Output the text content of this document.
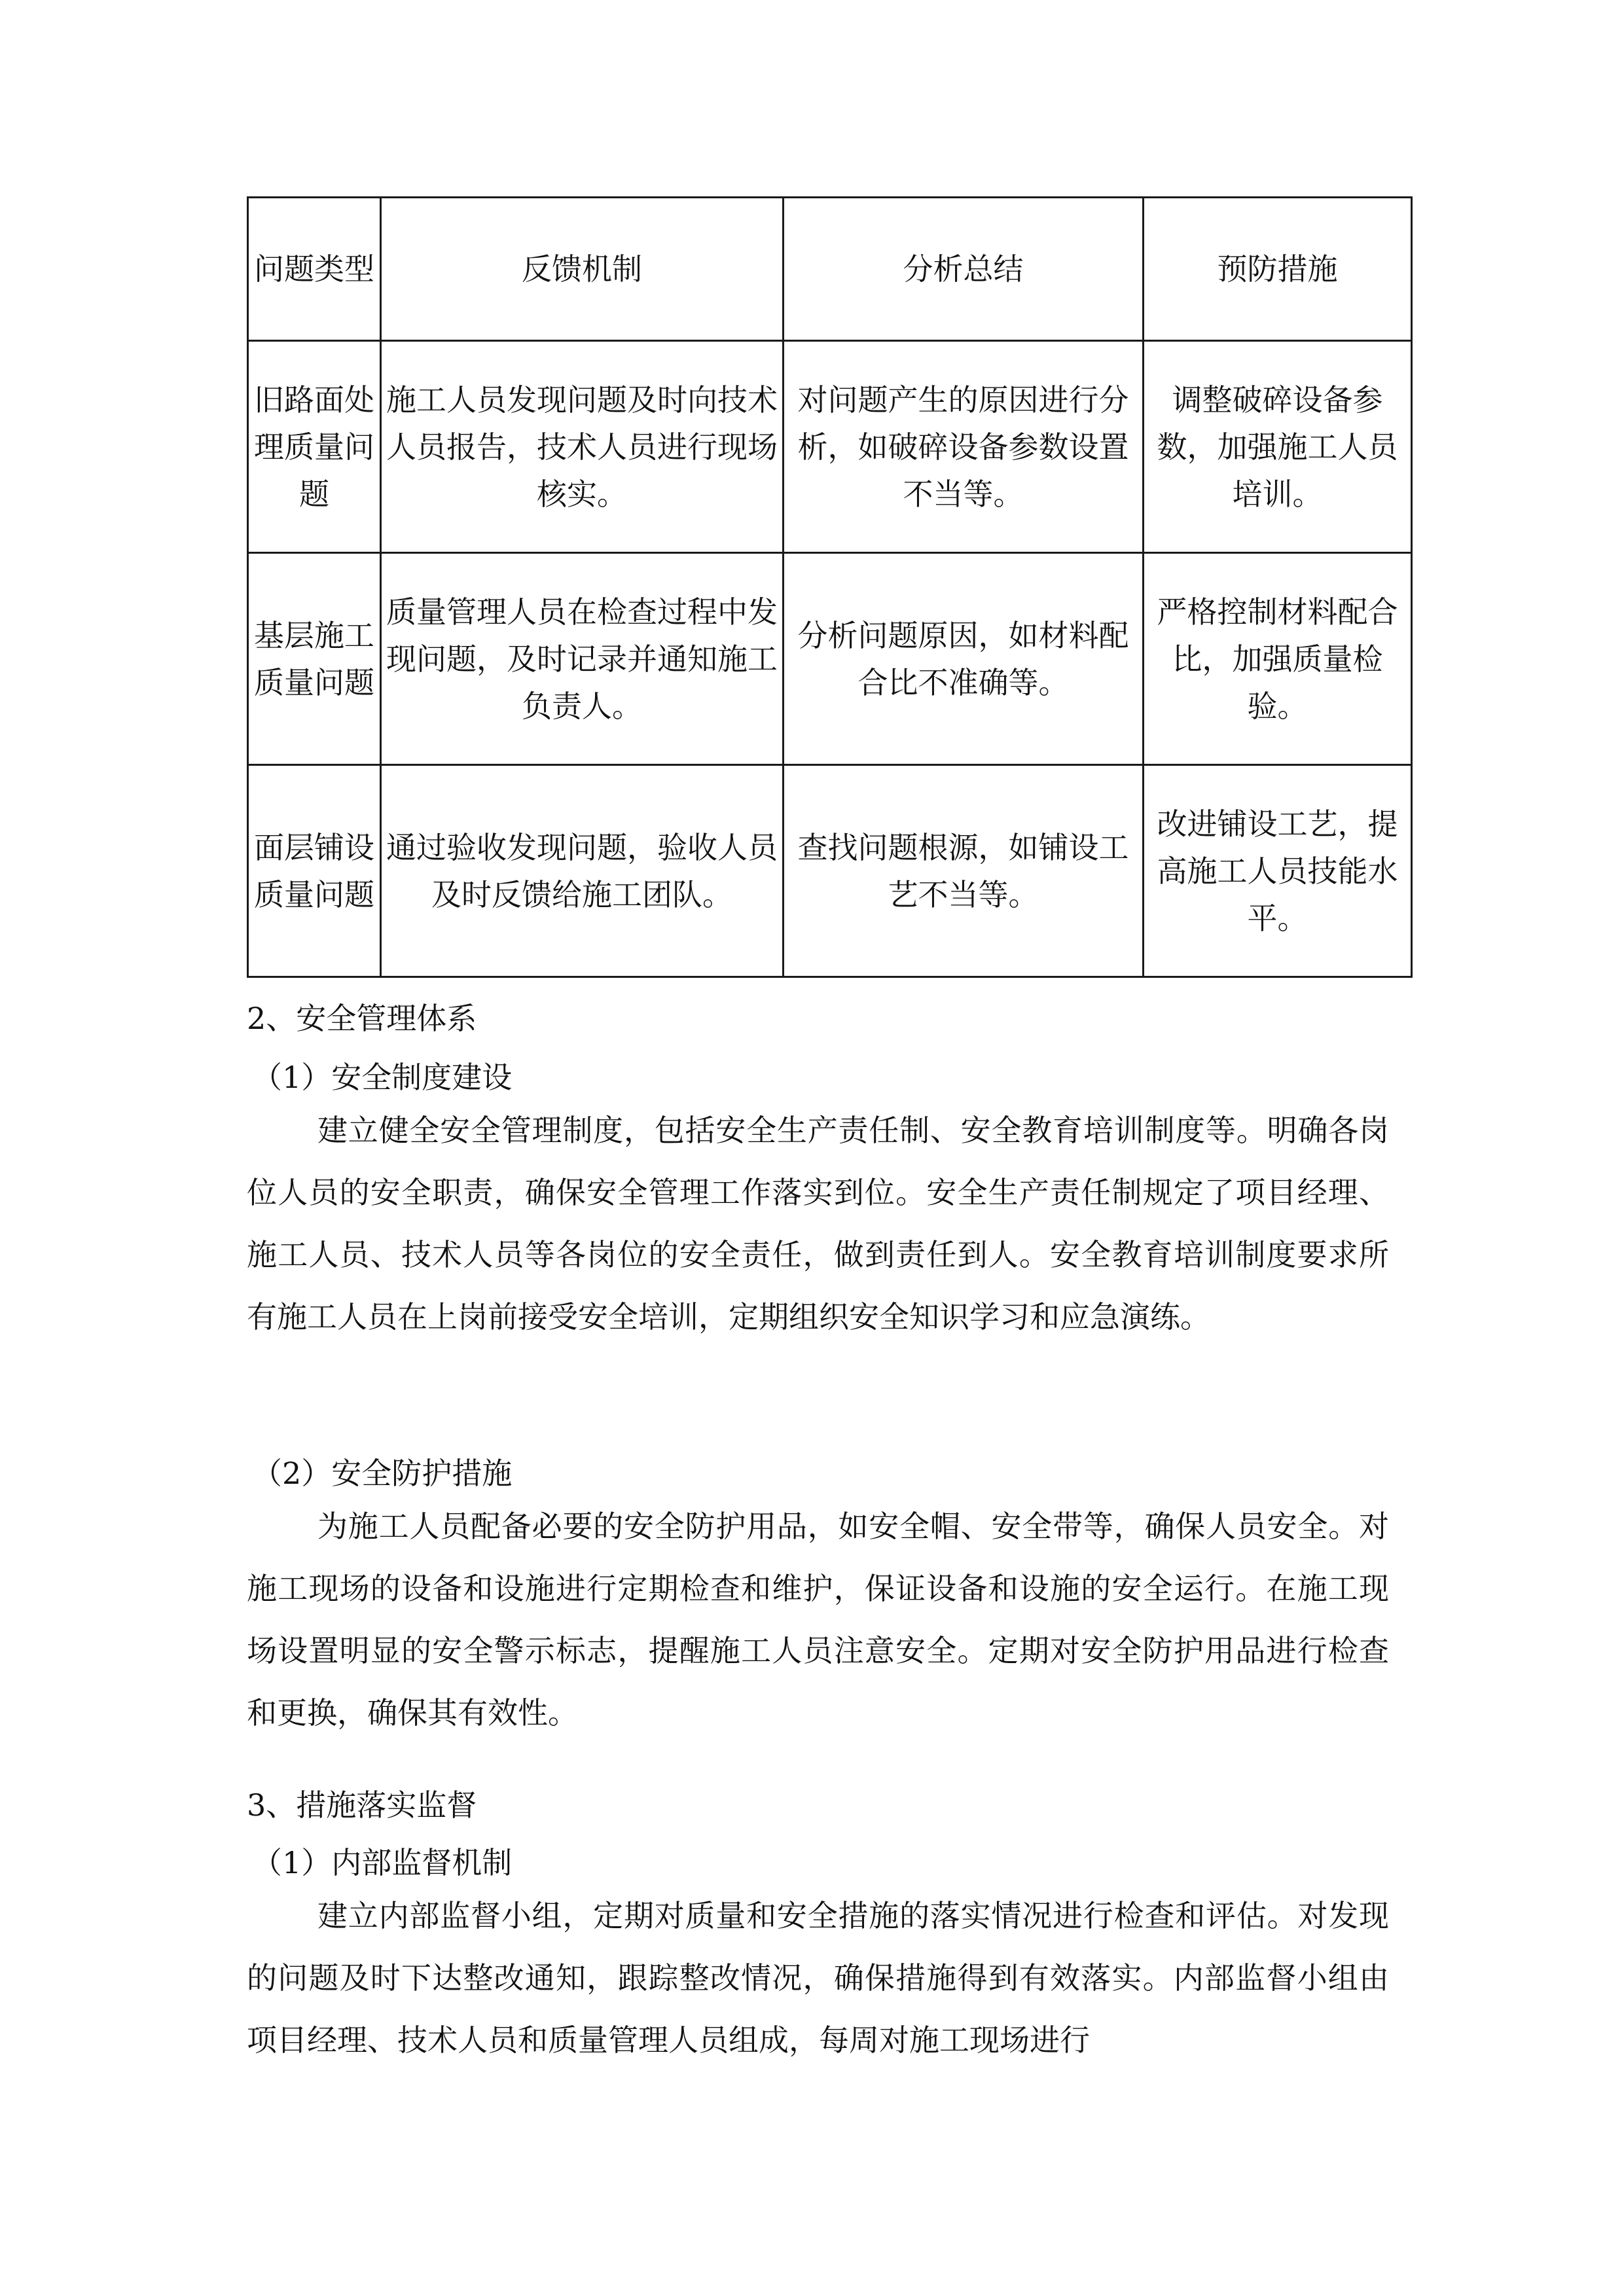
问题类型	反馈机制	分析总结	预防措施
旧路面处理质量问题	施工人员发现问题及时向技术人员报告，技术人员进行现场核实。	对问题产生的原因进行分析，如破碎设备参数设置不当等。	调整破碎设备参数，加强施工人员培训。
基层施工质量问题	质量管理人员在检查过程中发现问题，及时记录并通知施工负责人。	分析问题原因，如材料配合比不准确等。	严格控制材料配合比，加强质量检验。
面层铺设质量问题	通过验收发现问题，验收人员及时反馈给施工团队。	查找问题根源，如铺设工艺不当等。	改进铺设工艺，提高施工人员技能水平。
2、安全管理体系
（1）安全制度建设
建立健全安全管理制度，包括安全生产责任制、安全教育培训制度等。明确各岗位人员的安全职责，确保安全管理工作落实到位。安全生产责任制规定了项目经理、施工人员、技术人员等各岗位的安全责任，做到责任到人。安全教育培训制度要求所有施工人员在上岗前接受安全培训，定期组织安全知识学习和应急演练。
（2）安全防护措施
为施工人员配备必要的安全防护用品，如安全帽、安全带等，确保人员安全。对施工现场的设备和设施进行定期检查和维护，保证设备和设施的安全运行。在施工现场设置明显的安全警示标志，提醒施工人员注意安全。定期对安全防护用品进行检查和更换，确保其有效性。
3、措施落实监督
（1）内部监督机制
建立内部监督小组，定期对质量和安全措施的落实情况进行检查和评估。对发现的问题及时下达整改通知，跟踪整改情况，确保措施得到有效落实。内部监督小组由项目经理、技术人员和质量管理人员组成，每周对施工现场进行
